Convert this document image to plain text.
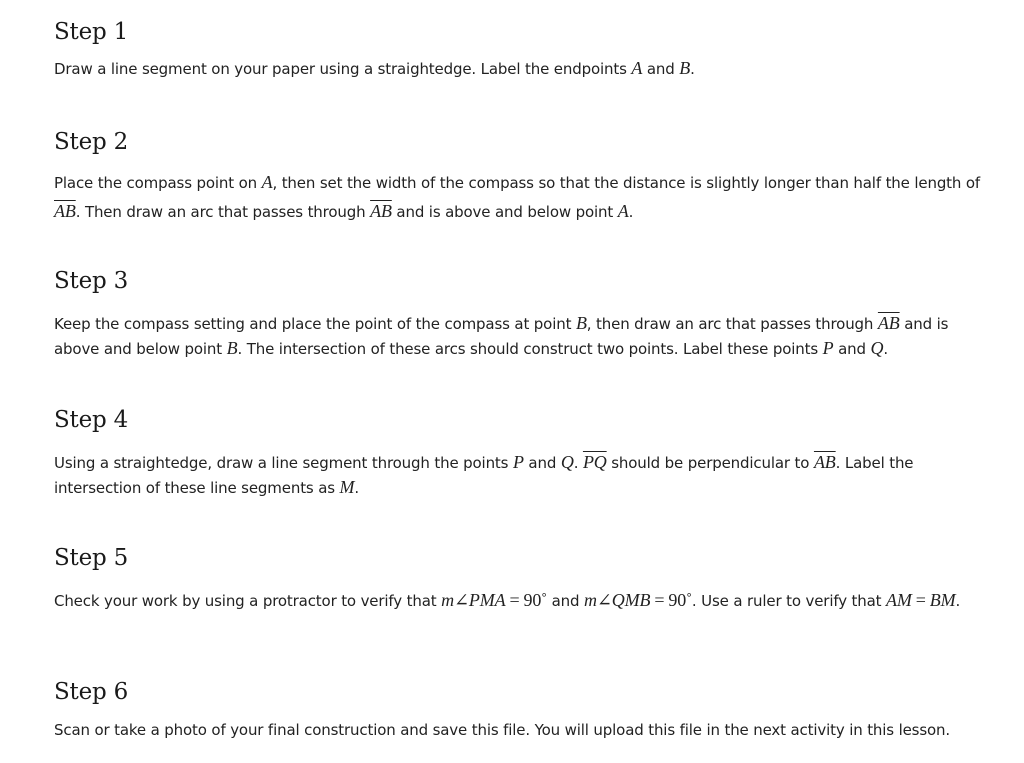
Step 1

Draw a line segment on your paper using a straightedge. Label the endpoints A and B.

Step 2

Place the compass point on A, then set the width of the compass so that the distance is slightly longer than half the length of $\overline{AB}$. Then draw an arc that passes through $\overline{AB}$ and is above and below point A.

Step 3

Keep the compass setting and place the point of the compass at point B, then draw an arc that passes through $\overline{AB}$ and is above and below point B. The intersection of these arcs should construct two points. Label these points P and Q.

Step 4

Using a straightedge, draw a line segment through the points P and Q. $\overline{PQ}$ should be perpendicular to $\overline{AB}$. Label the intersection of these line segments as M.

Step 5

Check your work by using a protractor to verify that m∠PMA = 90˚ and m∠QMB = 90˚. Use a ruler to verify that AM = BM.

Step 6

Scan or take a photo of your final construction and save this file. You will upload this file in the next activity in this lesson.
